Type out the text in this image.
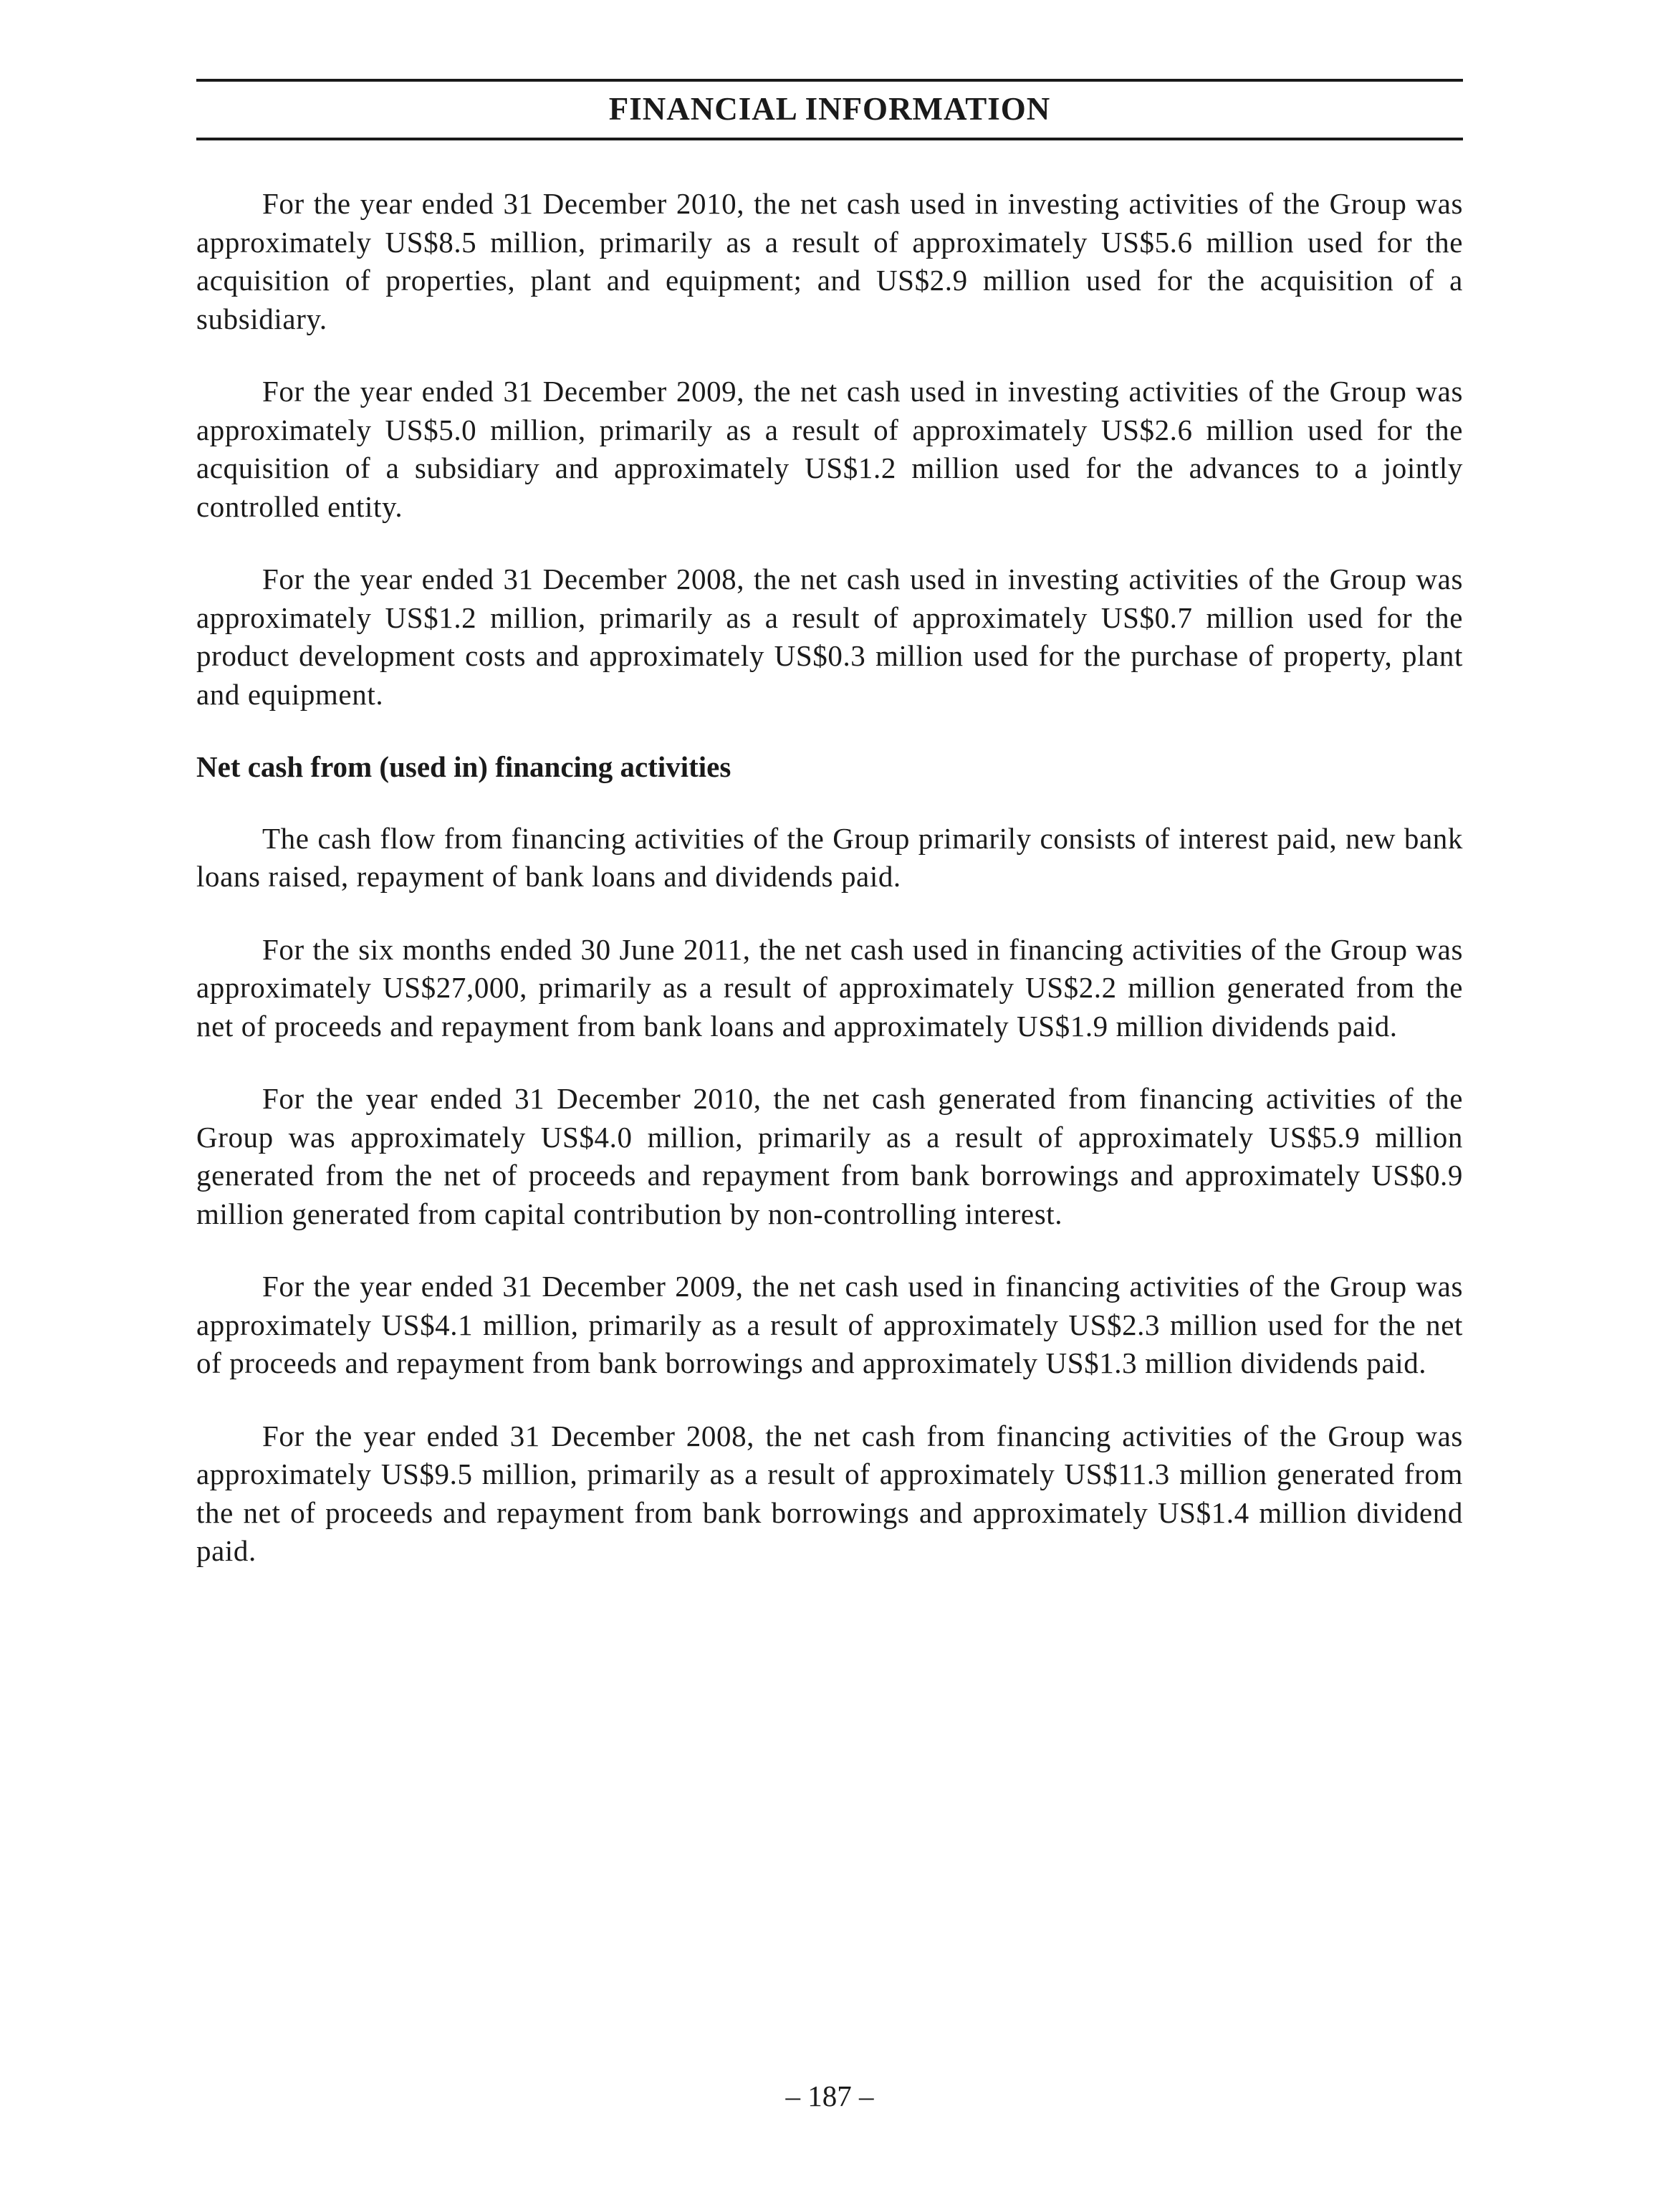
FINANCIAL INFORMATION

For the year ended 31 December 2010, the net cash used in investing activities of the Group was approximately US$8.5 million, primarily as a result of approximately US$5.6 million used for the acquisition of properties, plant and equipment; and US$2.9 million used for the acquisition of a subsidiary.

For the year ended 31 December 2009, the net cash used in investing activities of the Group was approximately US$5.0 million, primarily as a result of approximately US$2.6 million used for the acquisition of a subsidiary and approximately US$1.2 million used for the advances to a jointly controlled entity.

For the year ended 31 December 2008, the net cash used in investing activities of the Group was approximately US$1.2 million, primarily as a result of approximately US$0.7 million used for the product development costs and approximately US$0.3 million used for the purchase of property, plant and equipment.

Net cash from (used in) financing activities

The cash flow from financing activities of the Group primarily consists of interest paid, new bank loans raised, repayment of bank loans and dividends paid.

For the six months ended 30 June 2011, the net cash used in financing activities of the Group was approximately US$27,000, primarily as a result of approximately US$2.2 million generated from the net of proceeds and repayment from bank loans and approximately US$1.9 million dividends paid.

For the year ended 31 December 2010, the net cash generated from financing activities of the Group was approximately US$4.0 million, primarily as a result of approximately US$5.9 million generated from the net of proceeds and repayment from bank borrowings and approximately US$0.9 million generated from capital contribution by non-controlling interest.

For the year ended 31 December 2009, the net cash used in financing activities of the Group was approximately US$4.1 million, primarily as a result of approximately US$2.3 million used for the net of proceeds and repayment from bank borrowings and approximately US$1.3 million dividends paid.

For the year ended 31 December 2008, the net cash from financing activities of the Group was approximately US$9.5 million, primarily as a result of approximately US$11.3 million generated from the net of proceeds and repayment from bank borrowings and approximately US$1.4 million dividend paid.

– 187 –
